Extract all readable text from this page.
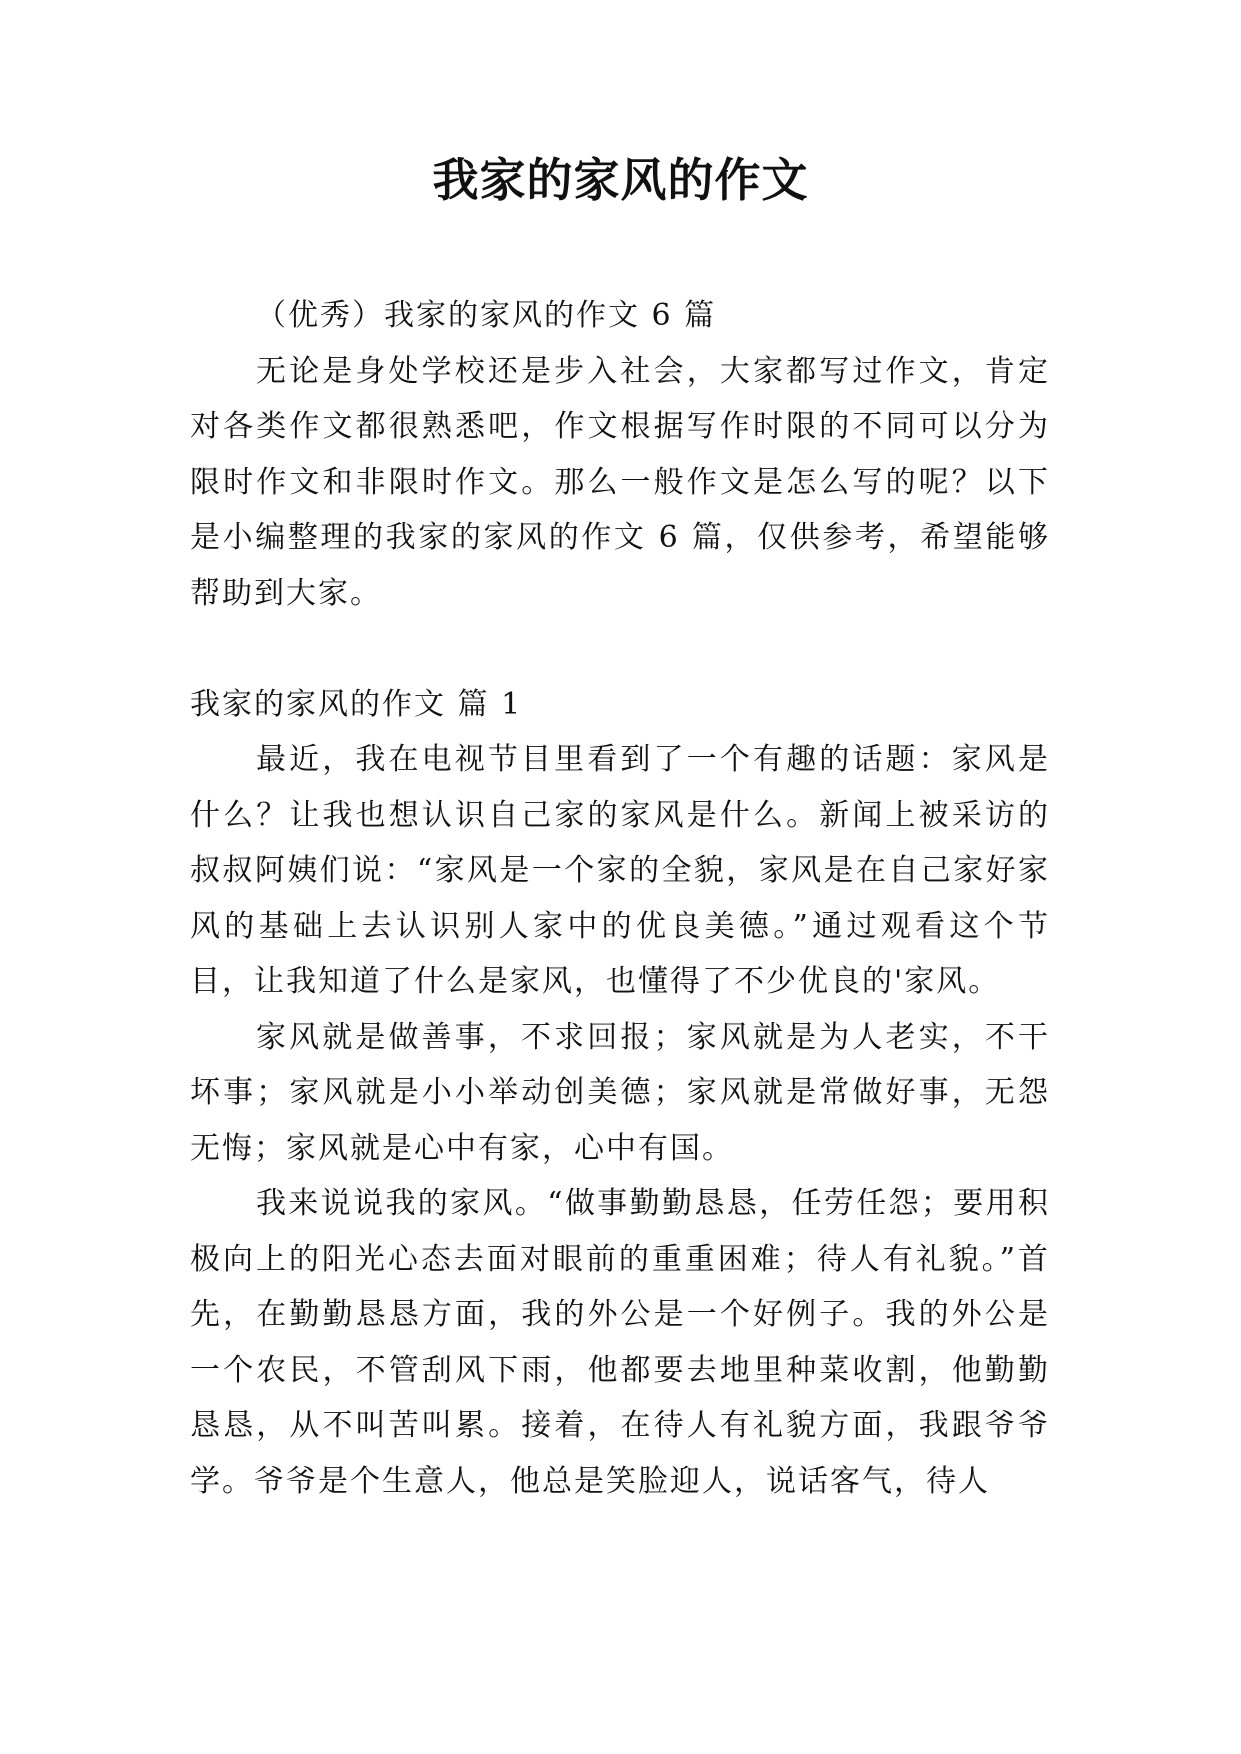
我家的家风的作文

（优秀）我家的家风的作文 6 篇

无论是身处学校还是步入社会，大家都写过作文，肯定对各类作文都很熟悉吧，作文根据写作时限的不同可以分为限时作文和非限时作文。那么一般作文是怎么写的呢？以下是小编整理的我家的家风的作文 6 篇，仅供参考，希望能够帮助到大家。

我家的家风的作文 篇 1

最近，我在电视节目里看到了一个有趣的话题：家风是什么？让我也想认识自己家的家风是什么。新闻上被采访的叔叔阿姨们说：“家风是一个家的全貌，家风是在自己家好家风的基础上去认识别人家中的优良美德。”通过观看这个节目，让我知道了什么是家风，也懂得了不少优良的'家风。

家风就是做善事，不求回报；家风就是为人老实，不干坏事；家风就是小小举动创美德；家风就是常做好事，无怨无悔；家风就是心中有家，心中有国。

我来说说我的家风。“做事勤勤恳恳，任劳任怨；要用积极向上的阳光心态去面对眼前的重重困难；待人有礼貌。”首先，在勤勤恳恳方面，我的外公是一个好例子。我的外公是一个农民，不管刮风下雨，他都要去地里种菜收割，他勤勤恳恳，从不叫苦叫累。接着，在待人有礼貌方面，我跟爷爷学。爷爷是个生意人，他总是笑脸迎人，说话客气，待人
